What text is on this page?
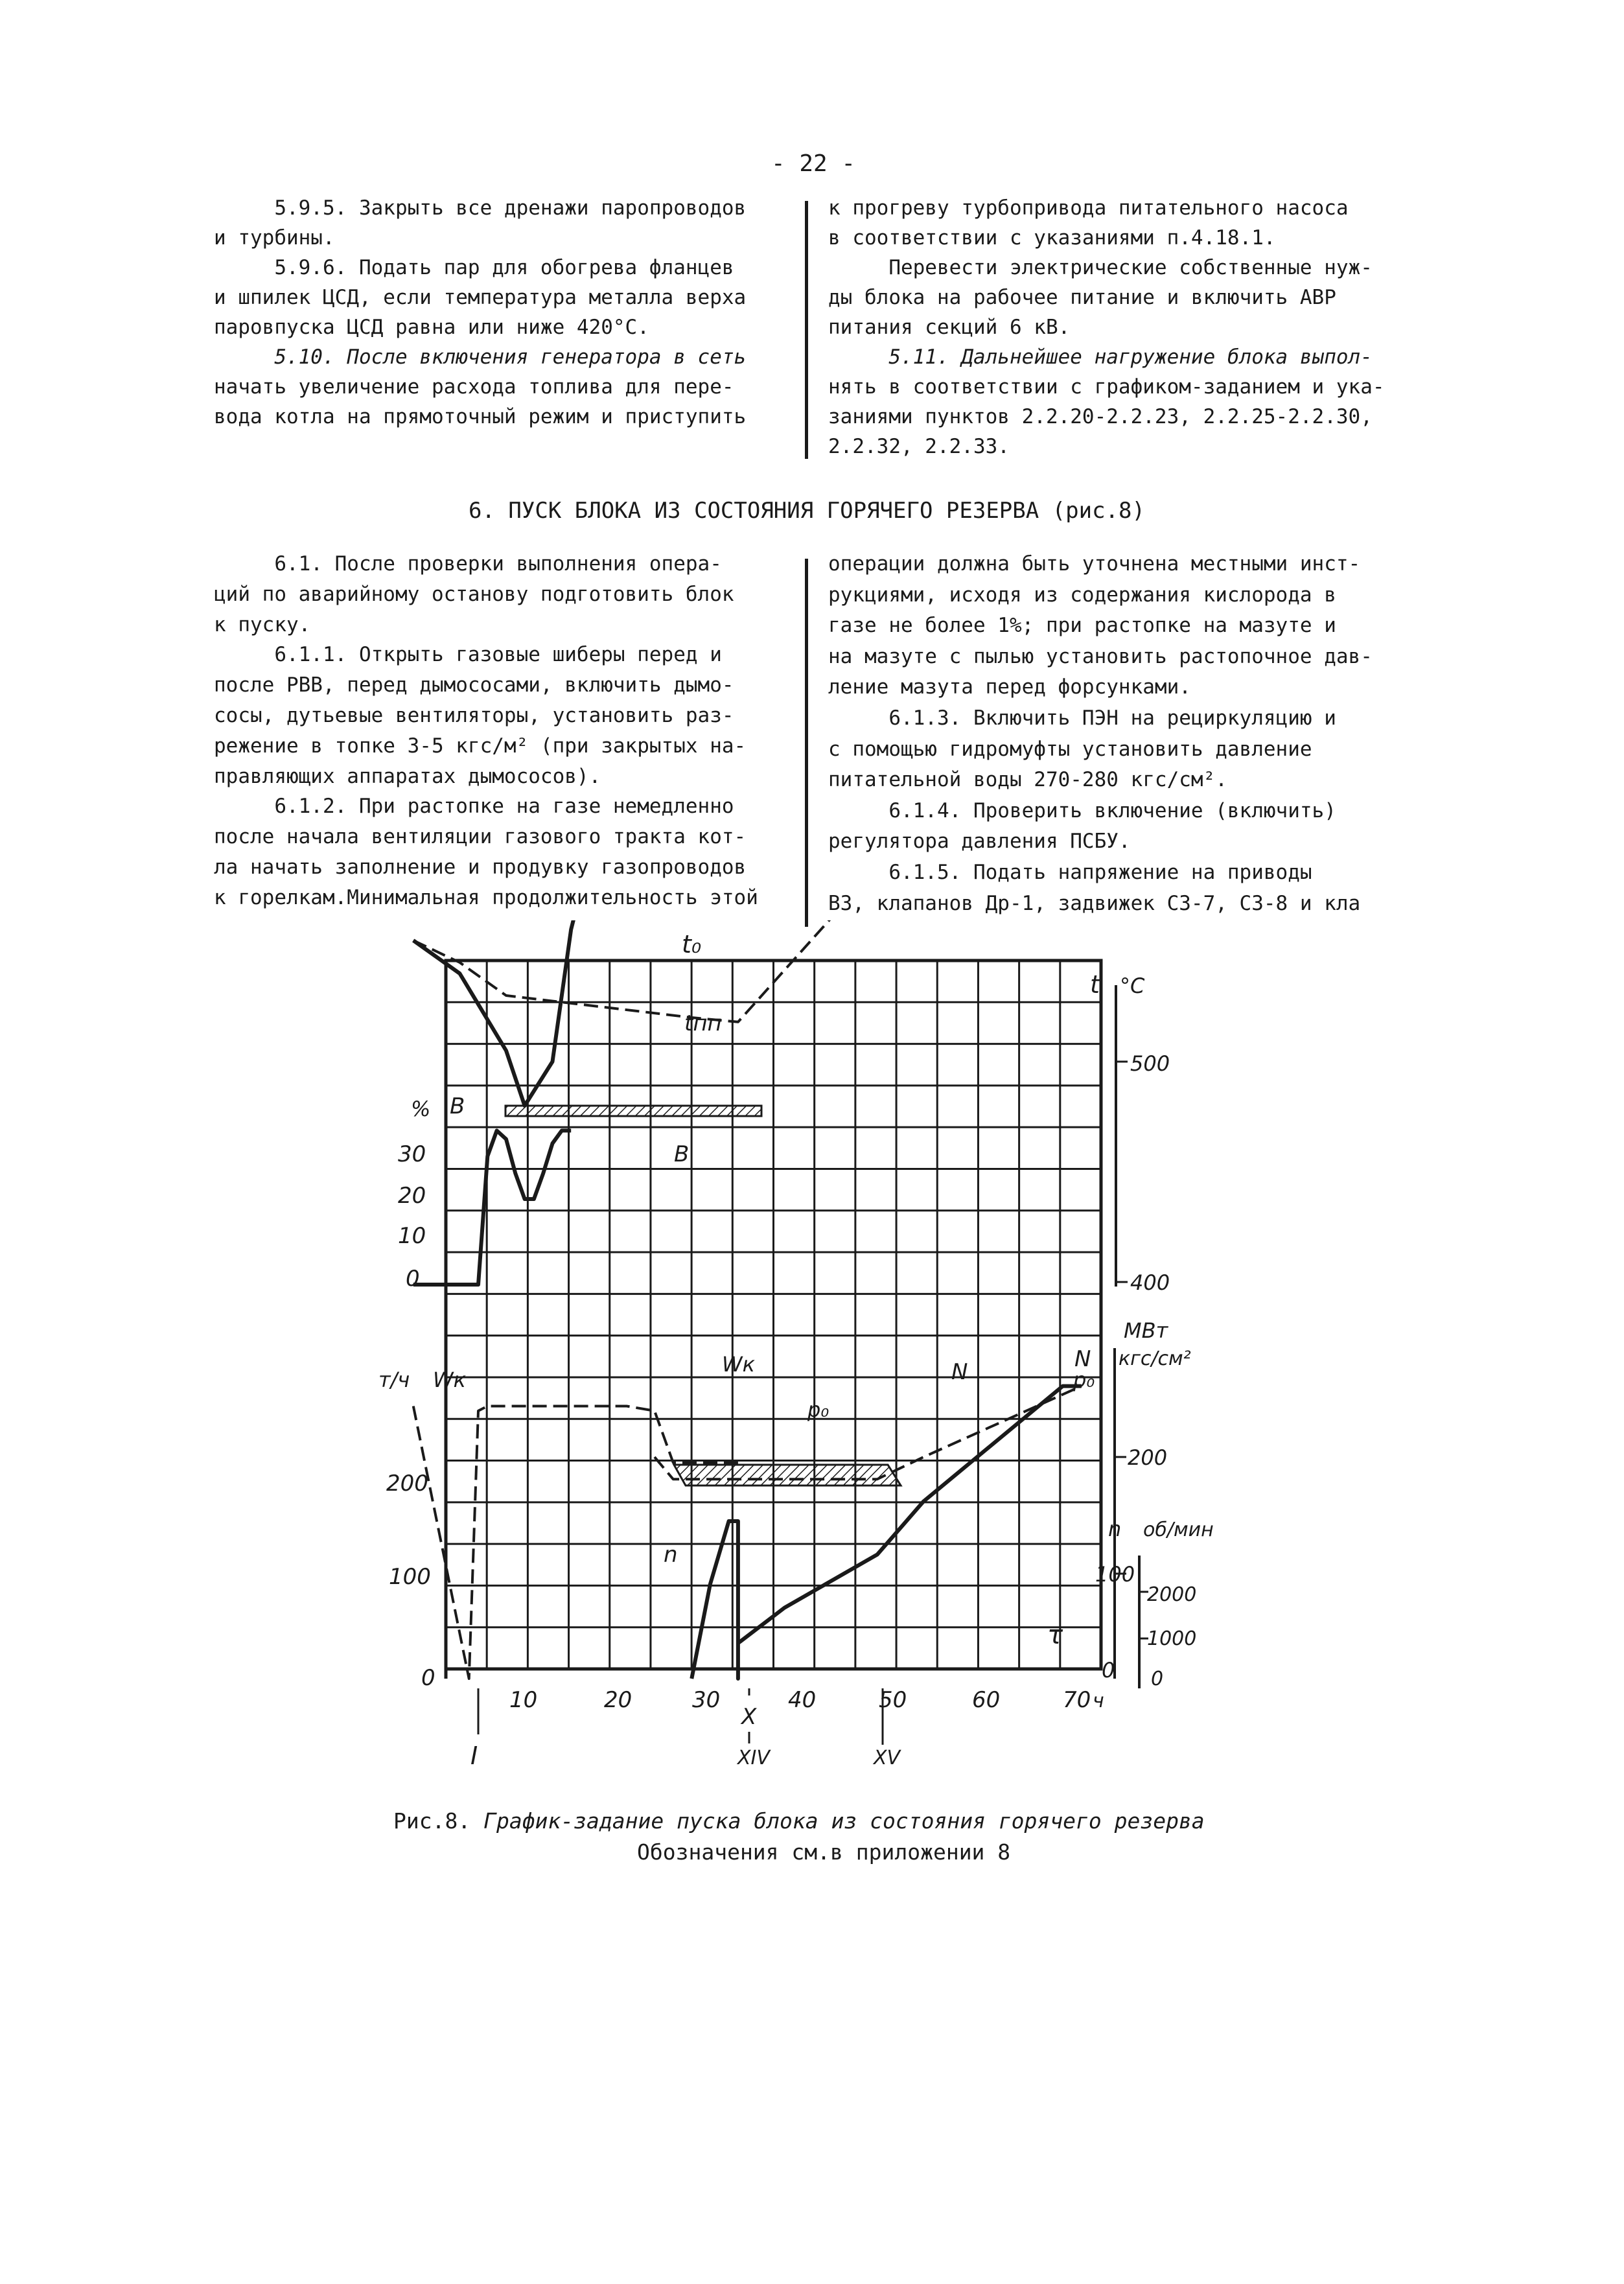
- 22 -
5.9.5. Закрыть все дренажи паропроводов
и турбины.
5.9.6. Подать пар для обогрева фланцев
и шпилек ЦСД, если температура металла верха
паровпуска ЦСД равна или ниже 420°С.
5.10. После включения генератора в сеть
начать увеличение расхода топлива для пере-
вода котла на прямоточный режим и приступить
к прогреву турбопривода питательного насоса
в соответствии с указаниями п.4.18.1.
Перевести электрические собственные нуж-
ды блока на рабочее питание и включить АВР
питания секций 6 кВ.
5.11. Дальнейшее нагружение блока выпол-
нять в соответствии с графиком-заданием и ука-
заниями пунктов 2.2.20-2.2.23, 2.2.25-2.2.30,
2.2.32, 2.2.33.
6. ПУСК БЛОКА ИЗ СОСТОЯНИЯ ГОРЯЧЕГО РЕЗЕРВА (рис.8)
6.1. После проверки выполнения опера-
ций по аварийному останову подготовить блок
к пуску.
6.1.1. Открыть газовые шиберы перед и
после РВВ, перед дымососами, включить дымо-
сосы, дутьевые вентиляторы, установить раз-
режение в топке 3-5 кгс/м² (при закрытых на-
правляющих аппаратах дымососов).
6.1.2. При растопке на газе немедленно
после начала вентиляции газового тракта кот-
ла начать заполнение и продувку газопроводов
к горелкам.Минимальная продолжительность этой
операции должна быть уточнена местными инст-
рукциями, исходя из содержания кислорода в
газе не более 1%; при растопке на мазуте и
на мазуте с пылью установить растопочное дав-
ление мазута перед форсунками.
6.1.3. Включить ПЭН на рециркуляцию и
с помощью гидромуфты установить давление
питательной воды 270-280 кгс/см².
6.1.4. Проверить включение (включить)
регулятора давления ПСБУ.
6.1.5. Подать напряжение на приводы
ВЗ, клапанов Др-1, задвижек СЗ-7, СЗ-8 и кла
t₀
t °C
tпп
% B
B
30
20
10
0
т/ч Wк
Wк
200
100
0
p₀
N	N
p₀
МВт
кгс/см²
n
n об/мин
τ
500
400
200
100
0
2000
1000
0
10	20	30	40	50	60	70 ч
X
I	XIV	XV
Рис.8. График-задание пуска блока из состояния горячего резерва
Обозначения см.в приложении 8
